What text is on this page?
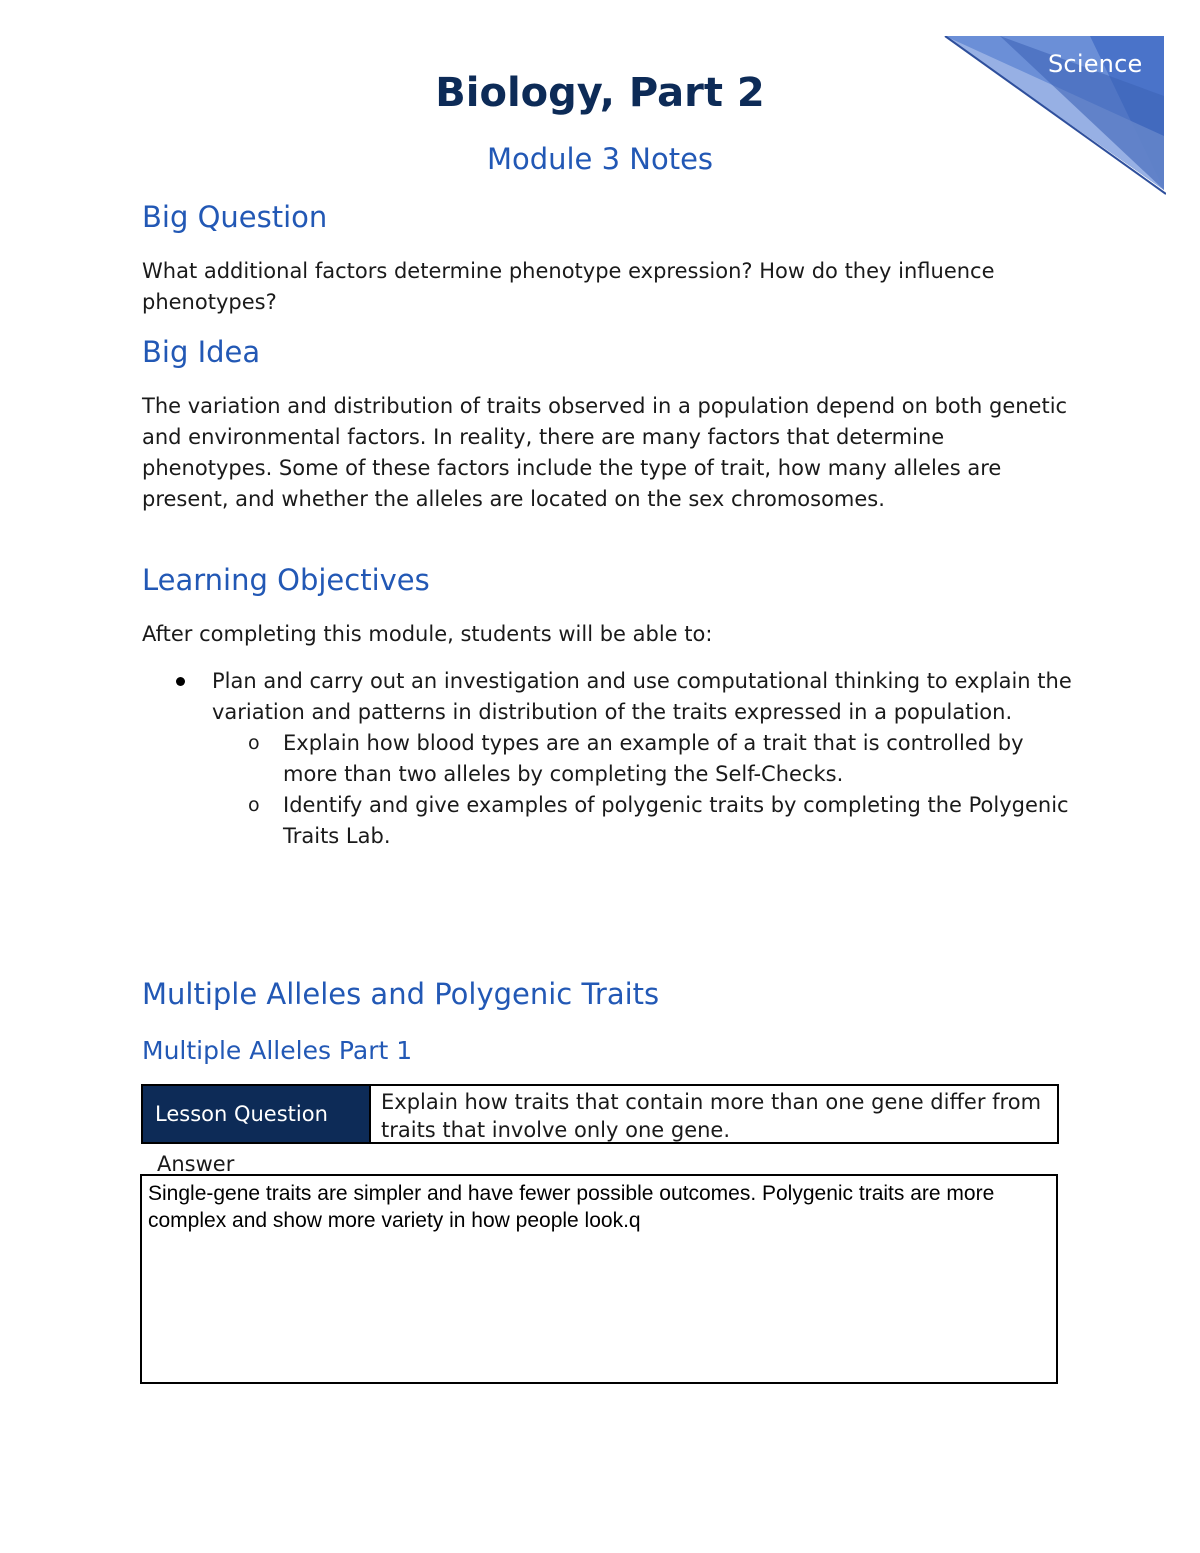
Science
Biology, Part 2
Module 3 Notes
Big Question

What additional factors determine phenotype expression? How do they influence phenotypes?

Big Idea

The variation and distribution of traits observed in a population depend on both genetic and environmental factors. In reality, there are many factors that determine phenotypes. Some of these factors include the type of trait, how many alleles are present, and whether the alleles are located on the sex chromosomes.

Learning Objectives

After completing this module, students will be able to:

Plan and carry out an investigation and use computational thinking to explain the variation and patterns in distribution of the traits expressed in a population.
o Explain how blood types are an example of a trait that is controlled by more than two alleles by completing the Self-Checks.
o Identify and give examples of polygenic traits by completing the Polygenic Traits Lab.
Multiple Alleles and Polygenic Traits
Multiple Alleles Part 1
Lesson Question	Explain how traits that contain more than one gene differ from traits that involve only one gene.
Answer
Single-gene traits are simpler and have fewer possible outcomes. Polygenic traits are more complex and show more variety in how people look.q
